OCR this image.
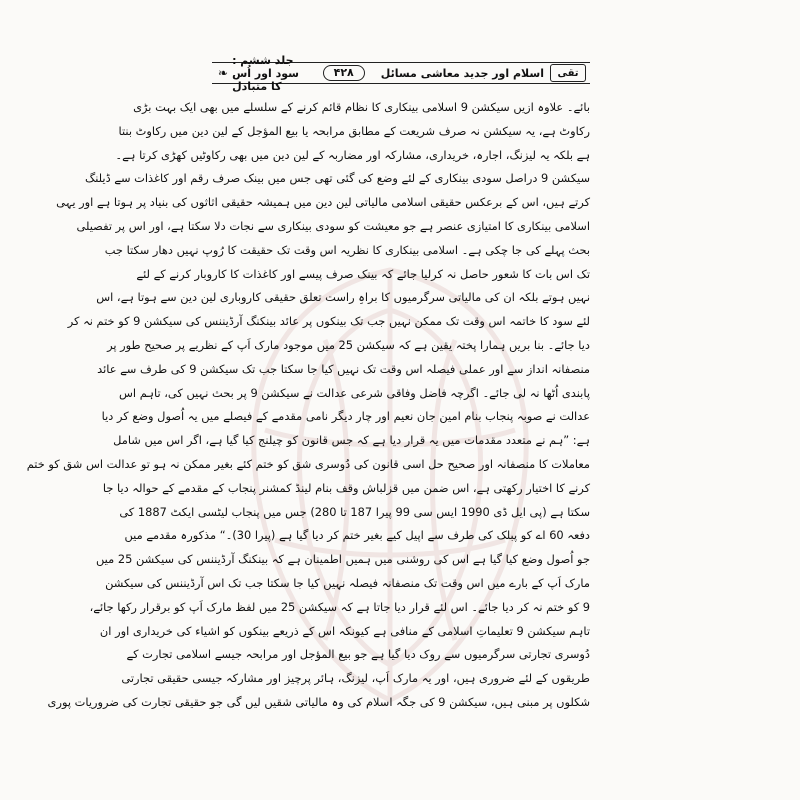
تقی
اسلام اور جدید معاشی مسائل
۴۲۸
جلد ششم : سود اور اُس کا متبادل
❧
بائے۔ علاوہ ازیں سیکشن 9 اسلامی بینکاری کا نظام قائم کرنے کے سلسلے میں بھی ایک بہت بڑی
رکاوٹ ہے، یہ سیکشن نہ صرف شریعت کے مطابق مرابحہ یا بیع المؤجل کے لین دین میں رکاوٹ بنتا
ہے بلکہ یہ لیزنگ، اجارہ، خریداری، مشارکہ اور مضاربہ کے لین دین میں بھی رکاوٹیں کھڑی کرتا ہے۔
سیکشن 9 دراصل سودی بینکاری کے لئے وضع کی گئی تھی جس میں بینک صرف رقم اور کاغذات سے ڈیلنگ
کرتے ہیں، اس کے برعکس حقیقی اسلامی مالیاتی لین دین میں ہمیشہ حقیقی اثاثوں کی بنیاد پر ہوتا ہے اور یہی
اسلامی بینکاری کا امتیازی عنصر ہے جو معیشت کو سودی بینکاری سے نجات دلا سکتا ہے، اور اس پر تفصیلی
بحث پہلے کی جا چکی ہے۔ اسلامی بینکاری کا نظریہ اس وقت تک حقیقت کا رُوپ نہیں دھار سکتا جب
تک اس بات کا شعور حاصل نہ کرلیا جائے کہ بینک صرف پیسے اور کاغذات کا کاروبار کرنے کے لئے
نہیں ہوتے بلکہ ان کی مالیاتی سرگرمیوں کا براہِ راست تعلق حقیقی کاروباری لین دین سے ہوتا ہے، اس
لئے سود کا خاتمہ اس وقت تک ممکن نہیں جب تک بینکوں پر عائد بینکنگ آرڈیننس کی سیکشن 9 کو ختم نہ کر
دیا جائے۔ بنا بریں ہمارا پختہ یقین ہے کہ سیکشن 25 میں موجود مارک اَپ کے نظریے پر صحیح طور پر
منصفانہ انداز سے اور عملی فیصلہ اس وقت تک نہیں کیا جا سکتا جب تک سیکشن 9 کی طرف سے عائد
پابندی اُٹھا نہ لی جائے۔ اگرچہ فاضل وفاقی شرعی عدالت نے سیکشن 9 پر بحث نہیں کی، تاہم اس
عدالت نے صوبہ پنجاب بنام امین جان نعیم اور چار دیگر نامی مقدمے کے فیصلے میں یہ اُصول وضع کر دیا
ہے: ”ہم نے متعدد مقدمات میں یہ قرار دیا ہے کہ جس قانون کو چیلنج کیا گیا ہے، اگر اس میں شامل
معاملات کا منصفانہ اور صحیح حل اسی قانون کی دُوسری شق کو ختم کئے بغیر ممکن نہ ہو تو عدالت اس شق کو ختم
کرنے کا اختیار رکھتی ہے، اس ضمن میں قزلباش وقف بنام لینڈ کمشنر پنجاب کے مقدمے کے حوالہ دیا جا
سکتا ہے (پی ایل ڈی 1990 ایس سی 99 پیرا 187 تا 280) جس میں پنجاب لیٹسی ایکٹ 1887 کی
دفعہ 60 اے کو پبلک کی طرف سے اپیل کیے بغیر ختم کر دیا گیا ہے (پیرا 30)۔“ مذکورہ مقدمے میں
جو اُصول وضع کیا گیا ہے اس کی روشنی میں ہمیں اطمینان ہے کہ بینکنگ آرڈیننس کی سیکشن 25 میں
مارک اَپ کے بارے میں اس وقت تک منصفانہ فیصلہ نہیں کیا جا سکتا جب تک اس آرڈیننس کی سیکشن
9 کو ختم نہ کر دیا جائے۔ اس لئے قرار دیا جاتا ہے کہ سیکشن 25 میں لفظ مارک اَپ کو برقرار رکھا جائے،
تاہم سیکشن 9 تعلیماتِ اسلامی کے منافی ہے کیونکہ اس کے ذریعے بینکوں کو اشیاء کی خریداری اور ان
دُوسری تجارتی سرگرمیوں سے روک دیا گیا ہے جو بیع المؤجل اور مرابحہ جیسے اسلامی تجارت کے
طریقوں کے لئے ضروری ہیں، اور یہ مارک اَپ، لیزنگ، ہائر پرچیز اور مشارکہ جیسی حقیقی تجارتی
شکلوں پر مبنی ہیں، سیکشن 9 کی جگہ اسلام کی وہ مالیاتی شقیں لیں گی جو حقیقی تجارت کی ضروریات پوری
